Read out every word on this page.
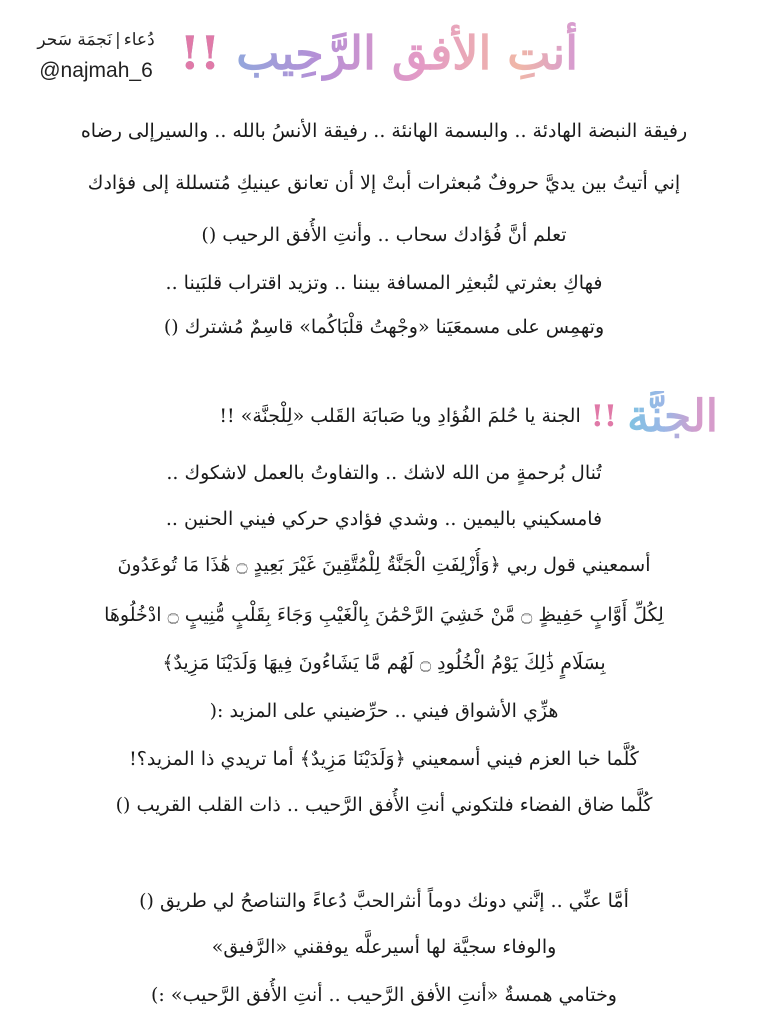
دُعاء|نَجمَة سَحر
@najmah_6	أنتِ الأفق الرَّحِيب !!
رفيقة النبضة الهادئة .. والبسمة الهانئة .. رفيقة الأنسُ بالله .. والسيرإلى رضاه
إني أتيتُ بين يديَّ حروفٌ مُبعثرات أبتْ إلا أن تعانق عينيكِ مُتسللة إلى فؤادك
تعلم أنَّ فُؤادك سحاب .. وأنتِ الأُفق الرحيب ()
فهاكِ بعثرتي لتُبعثِر المسافة بيننا .. وتزيد اقتراب قلبَينا ..
وتهمِس على مسمعَيَنا «وجْهتُ قلْبَاكُما» قاسِمٌ مُشترك ()
الجنَّة
!!
الجنة يا حُلمَ الفُؤادِ ويا صَبابَة القَلب «لِلْجنَّة» !!
تُنال بُرحمةٍ من الله لاشك .. والتفاوتُ بالعمل لاشكوك ..
فامسكيني باليمين .. وشدي فؤادي حركي فيني الحنين ..
أسمعيني قول ربي ﴿وَأُزْلِفَتِ الْجَنَّةُ لِلْمُتَّقِينَ غَيْرَ بَعِيدٍ ۝ هَٰذَا مَا تُوعَدُونَ
لِكُلِّ أَوَّابٍ حَفِيظٍ ۝ مَّنْ خَشِيَ الرَّحْمَٰنَ بِالْغَيْبِ وَجَاءَ بِقَلْبٍ مُّنِيبٍ ۝ ادْخُلُوهَا
بِسَلَامٍ ذَٰلِكَ يَوْمُ الْخُلُودِ ۝ لَهُم مَّا يَشَاءُونَ فِيهَا وَلَدَيْنَا مَزِيدٌ﴾
هزِّي الأشواق فيني .. حرِّضيني على المزيد :(
كُلَّما خبا العزم فيني أسمعيني ﴿وَلَدَيْنَا مَزِيدٌ﴾ أما تريدي ذا المزيد؟!
كُلَّما ضاق الفضاء فلتكوني أنتِ الأُفق الرَّحيب .. ذات القلب القريب ()
أمَّا عنِّي .. إنَّني دونك دوماً أنثرالحبَّ دُعاءً والتناصحُ لي طريق ()
والوفاء سجيَّة لها أسيرعلَّه يوفقني «الرَّفيق»
وختامي همسةٌ «أنتِ الأفق الرَّحيب .. أنتِ الأُفق الرَّحيب» :)
